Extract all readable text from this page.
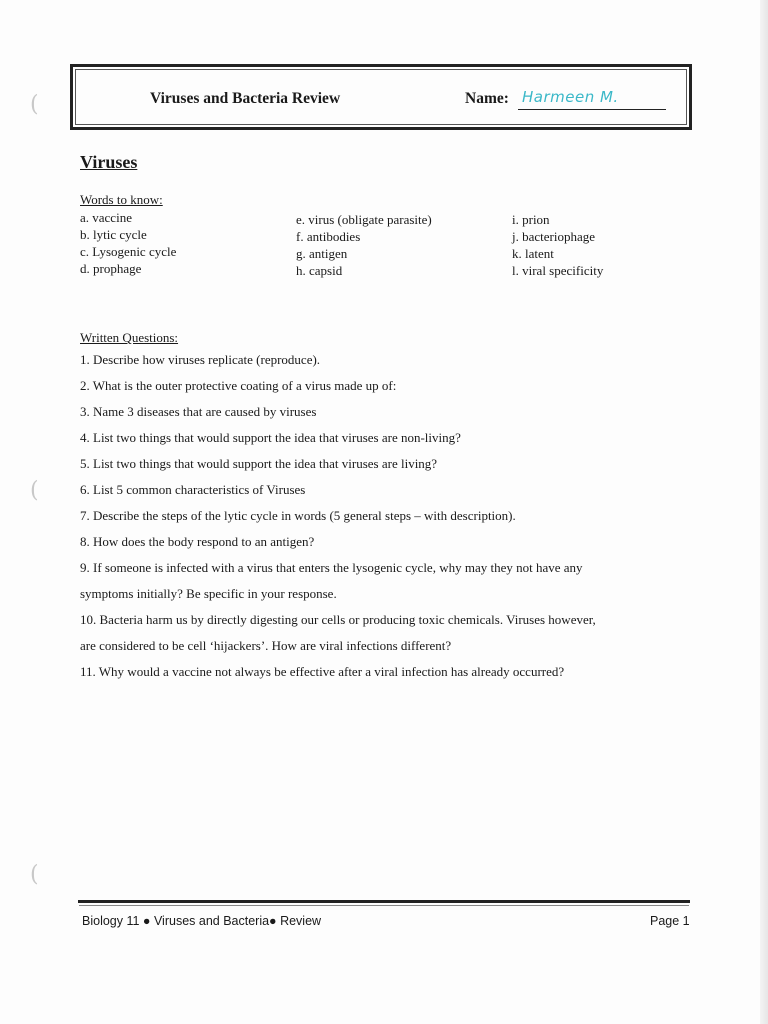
(
(
(
Viruses and Bacteria Review	Name: Harmeen M.
Viruses
Words to know:
a. vaccine
b. lytic cycle
c. Lysogenic cycle
d. prophage
e. virus (obligate parasite)
f. antibodies
g. antigen
h. capsid
i. prion
j. bacteriophage
k. latent
l. viral specificity
Written Questions:
1. Describe how viruses replicate (reproduce).
2. What is the outer protective coating of a virus made up of:
3. Name 3 diseases that are caused by viruses
4. List two things that would support the idea that viruses are non-living?
5. List two things that would support the idea that viruses are living?
6. List 5 common characteristics of Viruses
7. Describe the steps of the lytic cycle in words (5 general steps – with description).
8. How does the body respond to an antigen?
9. If someone is infected with a virus that enters the lysogenic cycle, why may they not have any
symptoms initially? Be specific in your response.
10. Bacteria harm us by directly digesting our cells or producing toxic chemicals. Viruses however,
are considered to be cell ‘hijackers’. How are viral infections different?
11. Why would a vaccine not always be effective after a viral infection has already occurred?
Biology 11 ● Viruses and Bacteria● Review	Page 1
